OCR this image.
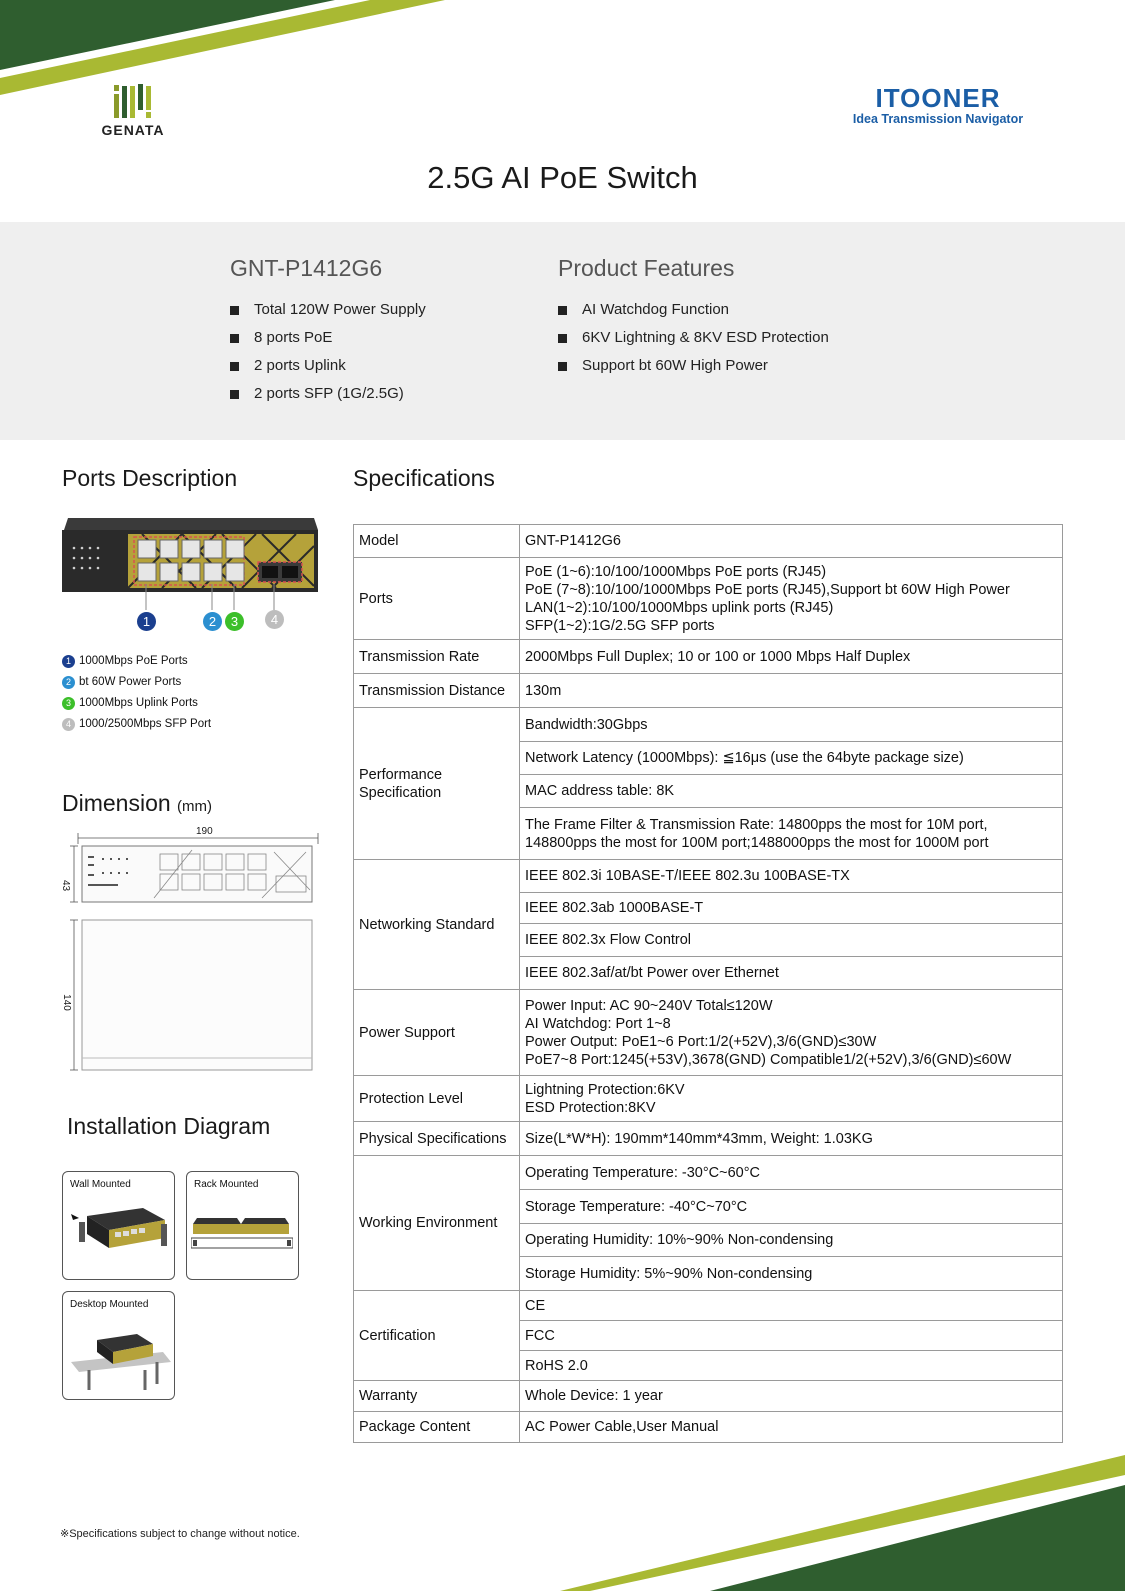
GENATA
ITOONER
Idea Transmission Navigator
2.5G AI PoE Switch
GNT-P1412G6
Total 120W Power Supply
8 ports PoE
2 ports Uplink
2 ports SFP (1G/2.5G)
Product Features
AI Watchdog Function
6KV Lightning & 8KV ESD Protection
Support bt 60W High Power
Ports Description
1	2	3	4
1 1000Mbps PoE Ports
2 bt 60W Power Ports
3 1000Mbps Uplink Ports
4 1000/2500Mbps SFP Port
Dimension (mm)
190
43
140
Installation Diagram
Wall Mounted	Rack Mounted
Desktop Mounted
Specifications
Model	GNT-P1412G6
Ports	PoE (1~6):10/100/1000Mbps PoE ports (RJ45)
PoE (7~8):10/100/1000Mbps PoE ports (RJ45),Support bt 60W High Power
LAN(1~2):10/100/1000Mbps uplink ports (RJ45)
SFP(1~2):1G/2.5G SFP ports

Transmission Rate	2000Mbps Full Duplex; 10 or 100 or 1000 Mbps Half Duplex
Transmission Distance	130m
Performance Specification	Bandwidth:30Gbps
	Network Latency (1000Mbps): ≦16μs (use the 64byte package size)
	MAC address table: 8K
	The Frame Filter & Transmission Rate: 14800pps the most for 10M port, 148800pps the most for 100M port;1488000pps the most for 1000M port
Networking Standard	IEEE 802.3i 10BASE-T/IEEE 802.3u 100BASE-TX
	IEEE 802.3ab 1000BASE-T
	IEEE 802.3x Flow Control
	IEEE 802.3af/at/bt Power over Ethernet
Power Support	Power Input: AC 90~240V Total≤120W
AI Watchdog: Port 1~8
Power Output: PoE1~6 Port:1/2(+52V),3/6(GND)≤30W
PoE7~8 Port:1245(+53V),3678(GND) Compatible1/2(+52V),3/6(GND)≤60W

Protection Level	Lightning Protection:6KV
ESD Protection:8KV

Physical Specifications	Size(L*W*H): 190mm*140mm*43mm, Weight: 1.03KG
Working Environment	Operating Temperature: -30°C~60°C
	Storage Temperature: -40°C~70°C
	Operating Humidity: 10%~90% Non-condensing
	Storage Humidity: 5%~90% Non-condensing
Certification	CE
	FCC
	RoHS 2.0
Warranty	Whole Device: 1 year
Package Content	AC Power Cable,User Manual
※Specifications subject to change without notice.
